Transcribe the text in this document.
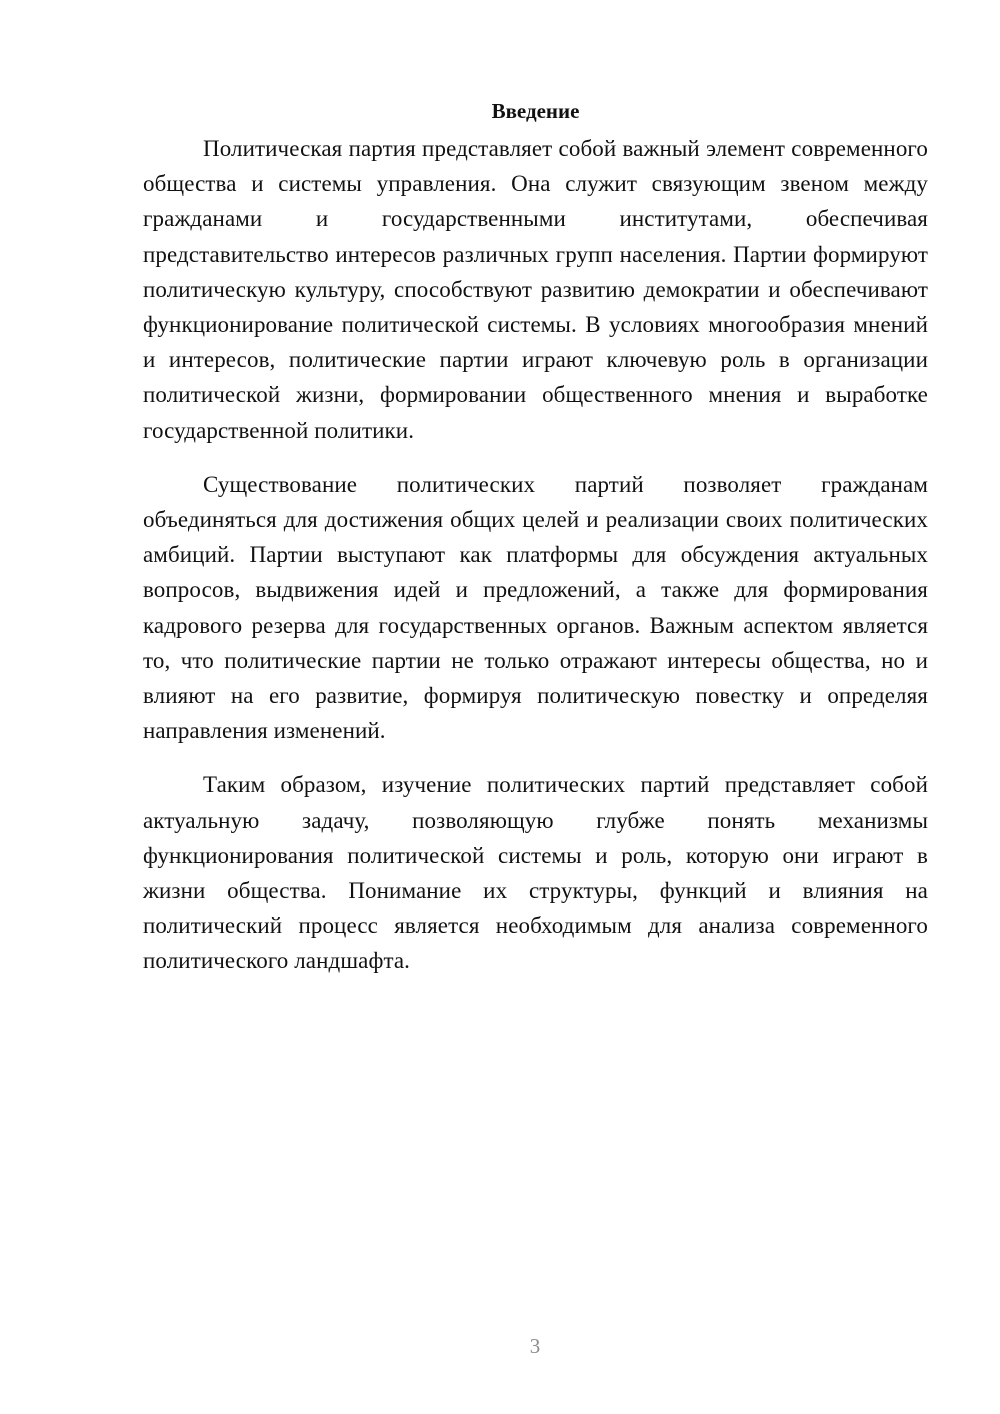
Введение

Политическая партия представляет собой важный элемент современного общества и системы управления. Она служит связующим звеном между гражданами и государственными институтами, обеспечивая представительство интересов различных групп населения. Партии формируют политическую культуру, способствуют развитию демократии и обеспечивают функционирование политической системы. В условиях многообразия мнений и интересов, политические партии играют ключевую роль в организации политической жизни, формировании общественного мнения и выработке государственной политики.

Существование политических партий позволяет гражданам объединяться для достижения общих целей и реализации своих политических амбиций. Партии выступают как платформы для обсуждения актуальных вопросов, выдвижения идей и предложений, а также для формирования кадрового резерва для государственных органов. Важным аспектом является то, что политические партии не только отражают интересы общества, но и влияют на его развитие, формируя политическую повестку и определяя направления изменений.

Таким образом, изучение политических партий представляет собой актуальную задачу, позволяющую глубже понять механизмы функционирования политической системы и роль, которую они играют в жизни общества. Понимание их структуры, функций и влияния на политический процесс является необходимым для анализа современного политического ландшафта.

3
